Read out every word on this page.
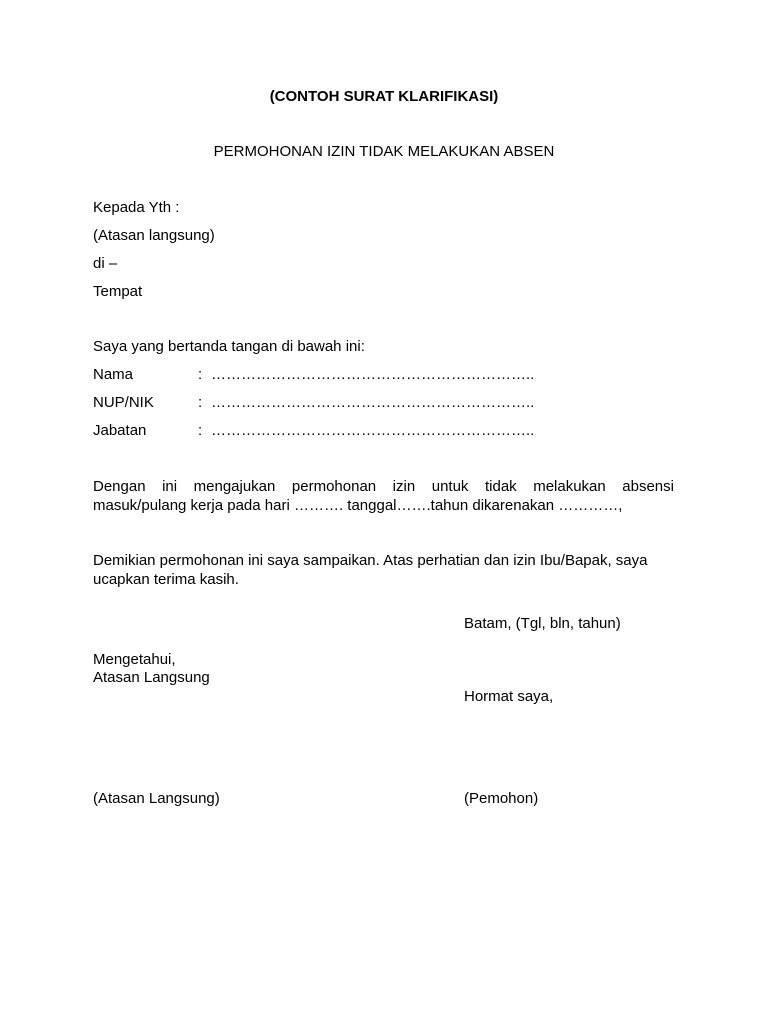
(CONTOH SURAT KLARIFIKASI)
PERMOHONAN IZIN TIDAK MELAKUKAN ABSEN
Kepada Yth :
(Atasan langsung)
di –
Tempat
Saya yang bertanda tangan di bawah ini:
Nama	: ………………………………………………………..
NUP/NIK	: ………………………………………………………..
Jabatan	: ………………………………………………………..
Dengan ini mengajukan permohonan izin untuk tidak melakukan absensi
masuk/pulang kerja pada hari ………. tanggal…….tahun dikarenakan …………,
Demikian permohonan ini saya sampaikan. Atas perhatian dan izin Ibu/Bapak, saya
ucapkan terima kasih.
Batam, (Tgl, bln, tahun)
Mengetahui,
Atasan Langsung
Hormat saya,
(Atasan Langsung)	(Pemohon)
